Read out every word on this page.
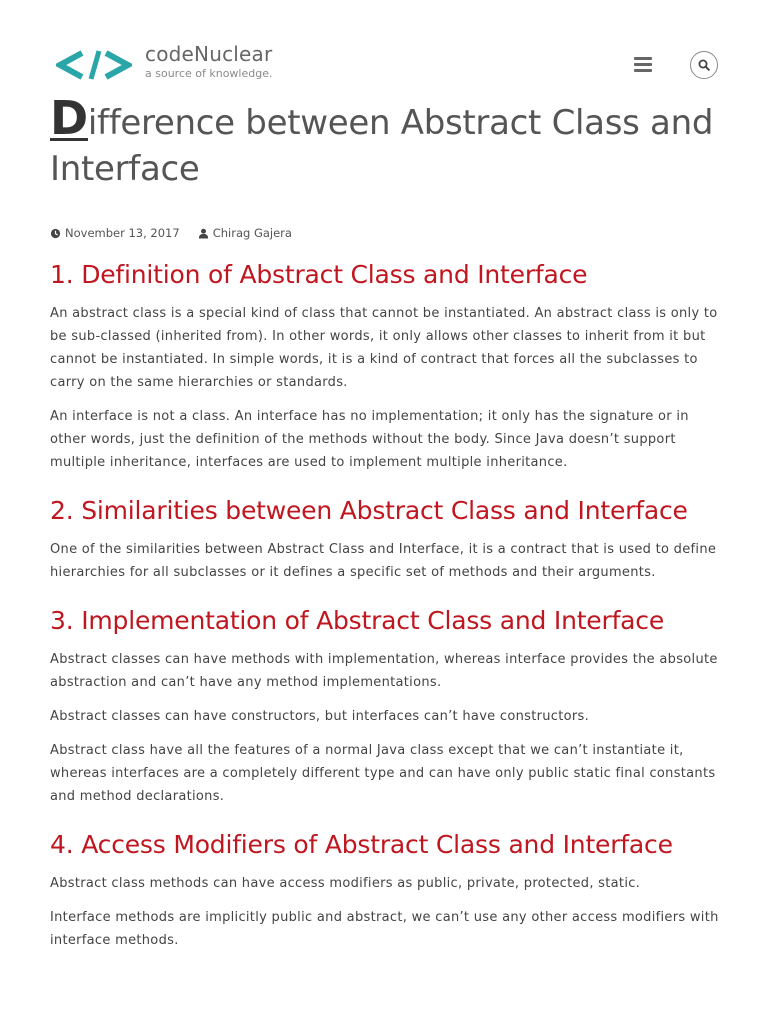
codeNuclear
a source of knowledge.
Difference between Abstract Class and Interface
November 13, 2017	Chirag Gajera
1. Definition of Abstract Class and Interface

An abstract class is a special kind of class that cannot be instantiated. An abstract class is only to be sub-classed (inherited from). In other words, it only allows other classes to inherit from it but cannot be instantiated. In simple words, it is a kind of contract that forces all the subclasses to carry on the same hierarchies or standards.

An interface is not a class. An interface has no implementation; it only has the signature or in other words, just the definition of the methods without the body. Since Java doesn’t support multiple inheritance, interfaces are used to implement multiple inheritance.

2. Similarities between Abstract Class and Interface

One of the similarities between Abstract Class and Interface, it is a contract that is used to define hierarchies for all subclasses or it defines a specific set of methods and their arguments.

3. Implementation of Abstract Class and Interface

Abstract classes can have methods with implementation, whereas interface provides the absolute abstraction and can’t have any method implementations.

Abstract classes can have constructors, but interfaces can’t have constructors.

Abstract class have all the features of a normal Java class except that we can’t instantiate it, whereas interfaces are a completely different type and can have only public static final constants and method declarations.

4. Access Modifiers of Abstract Class and Interface

Abstract class methods can have access modifiers as public, private, protected, static.

Interface methods are implicitly public and abstract, we can’t use any other access modifiers with interface methods.
